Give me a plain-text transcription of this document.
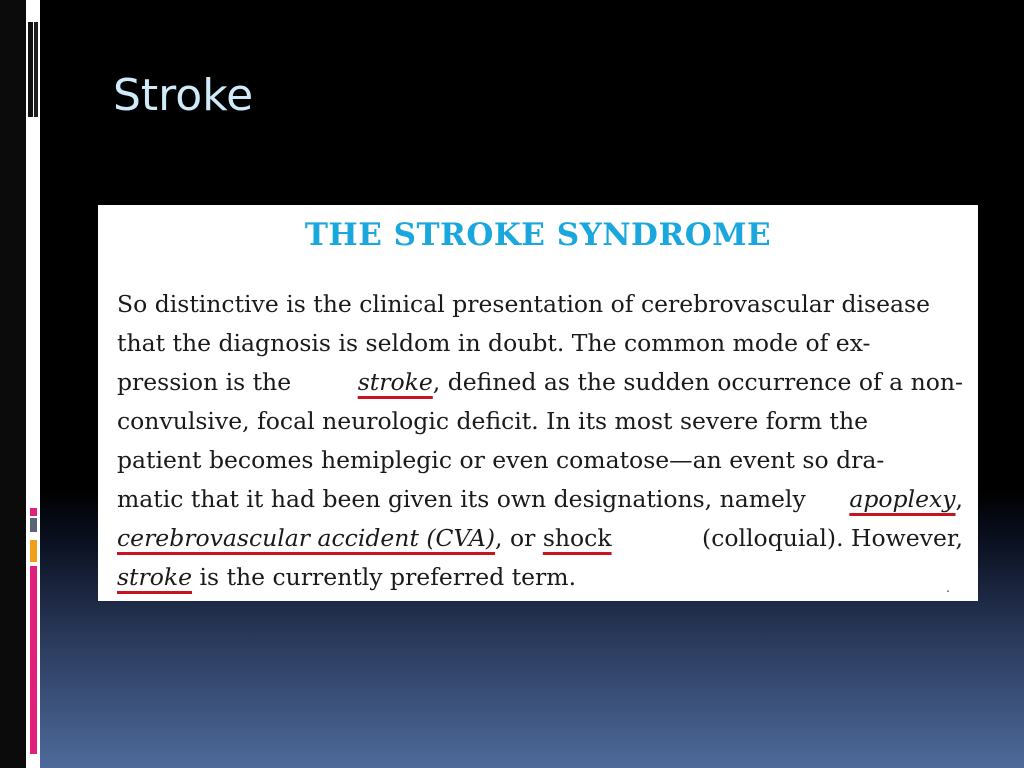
Stroke
THE STROKE SYNDROME
So distinctive is the clinical presentation of cerebrovascular disease
that the diagnosis is seldom in doubt. The common mode of ex-
pression is the	stroke , defined as the sudden occurrence of a non-
convulsive, focal neurologic deficit. In its most severe form the
patient becomes hemiplegic or even comatose—an event so dra-
matic that it had been given its own designations, namely apoplexy,
cerebrovascular accident (CVA), or shock	(colloquial). However,
stroke is the currently preferred term.	.
